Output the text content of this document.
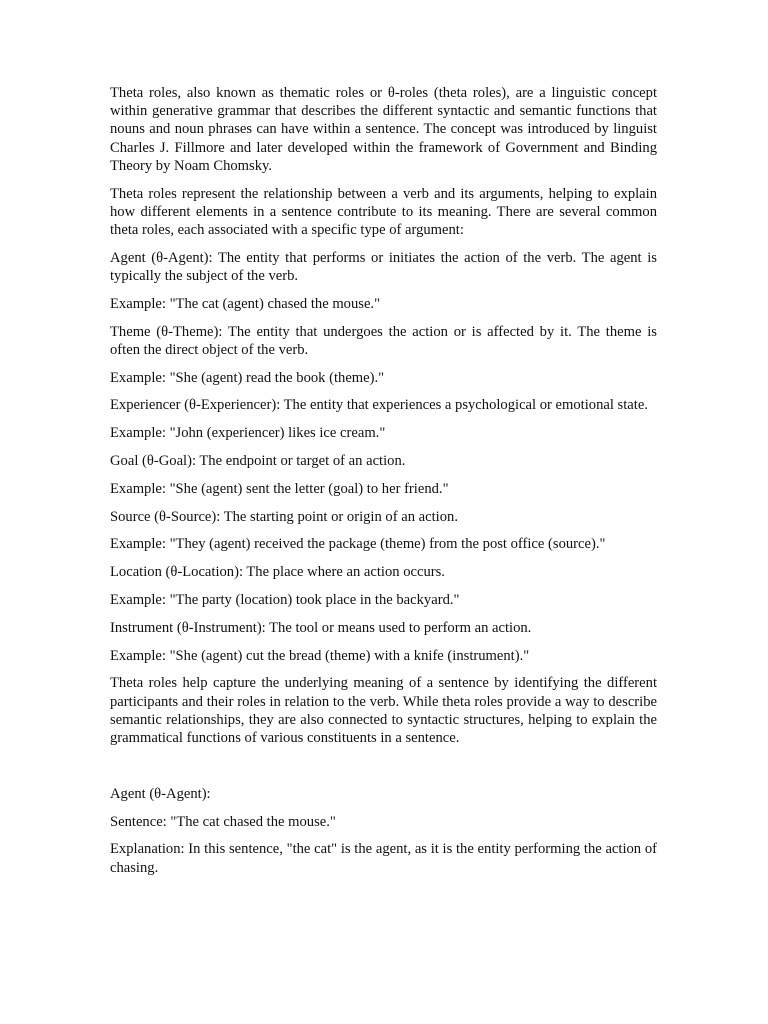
Theta roles, also known as thematic roles or θ-roles (theta roles), are a linguistic concept within generative grammar that describes the different syntactic and semantic functions that nouns and noun phrases can have within a sentence. The concept was introduced by linguist Charles J. Fillmore and later developed within the framework of Government and Binding Theory by Noam Chomsky.

Theta roles represent the relationship between a verb and its arguments, helping to explain how different elements in a sentence contribute to its meaning. There are several common theta roles, each associated with a specific type of argument:

Agent (θ-Agent): The entity that performs or initiates the action of the verb. The agent is typically the subject of the verb.

Example: "The cat (agent) chased the mouse."

Theme (θ-Theme): The entity that undergoes the action or is affected by it. The theme is often the direct object of the verb.

Example: "She (agent) read the book (theme)."

Experiencer (θ-Experiencer): The entity that experiences a psychological or emotional state.

Example: "John (experiencer) likes ice cream."

Goal (θ-Goal): The endpoint or target of an action.

Example: "She (agent) sent the letter (goal) to her friend."

Source (θ-Source): The starting point or origin of an action.

Example: "They (agent) received the package (theme) from the post office (source)."

Location (θ-Location): The place where an action occurs.

Example: "The party (location) took place in the backyard."

Instrument (θ-Instrument): The tool or means used to perform an action.

Example: "She (agent) cut the bread (theme) with a knife (instrument)."

Theta roles help capture the underlying meaning of a sentence by identifying the different participants and their roles in relation to the verb. While theta roles provide a way to describe semantic relationships, they are also connected to syntactic structures, helping to explain the grammatical functions of various constituents in a sentence.

Agent (θ-Agent):

Sentence: "The cat chased the mouse."

Explanation: In this sentence, "the cat" is the agent, as it is the entity performing the action of chasing.
